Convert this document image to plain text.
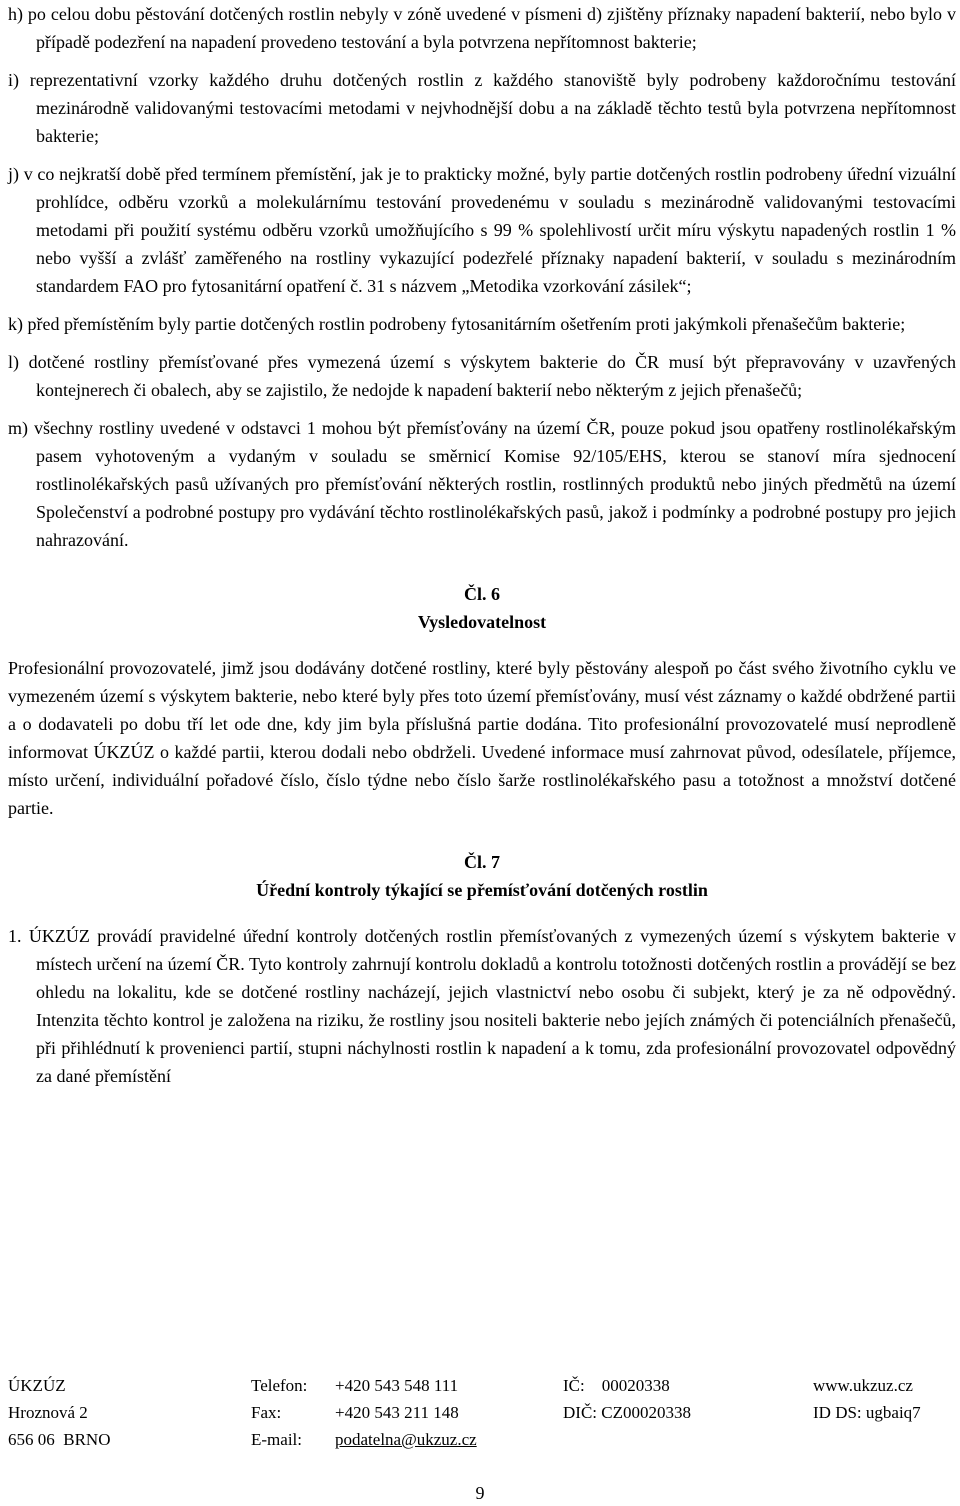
h) po celou dobu pěstování dotčených rostlin nebyly v zóně uvedené v písmeni d) zjištěny příznaky napadení bakterií, nebo bylo v případě podezření na napadení provedeno testování a byla potvrzena nepřítomnost bakterie;

i) reprezentativní vzorky každého druhu dotčených rostlin z každého stanoviště byly podrobeny každoročnímu testování mezinárodně validovanými testovacími metodami v nejvhodnější dobu a na základě těchto testů byla potvrzena nepřítomnost bakterie;

j) v co nejkratší době před termínem přemístění, jak je to prakticky možné, byly partie dotčených rostlin podrobeny úřední vizuální prohlídce, odběru vzorků a molekulárnímu testování provedenému v souladu s mezinárodně validovanými testovacími metodami při použití systému odběru vzorků umožňujícího s 99 % spolehlivostí určit míru výskytu napadených rostlin 1 % nebo vyšší a zvlášť zaměřeného na rostliny vykazující podezřelé příznaky napadení bakterií, v souladu s mezinárodním standardem FAO pro fytosanitární opatření č. 31 s názvem „Metodika vzorkování zásilek“;

k) před přemístěním byly partie dotčených rostlin podrobeny fytosanitárním ošetřením proti jakýmkoli přenašečům bakterie;

l) dotčené rostliny přemísťované přes vymezená území s výskytem bakterie do ČR musí být přepravovány v uzavřených kontejnerech či obalech, aby se zajistilo, že nedojde k napadení bakterií nebo některým z jejich přenašečů;

m) všechny rostliny uvedené v odstavci 1 mohou být přemísťovány na území ČR, pouze pokud jsou opatřeny rostlinolékařským pasem vyhotoveným a vydaným v souladu se směrnicí Komise 92/105/EHS, kterou se stanoví míra sjednocení rostlinolékařských pasů užívaných pro přemísťování některých rostlin, rostlinných produktů nebo jiných předmětů na území Společenství a podrobné postupy pro vydávání těchto rostlinolékařských pasů, jakož i podmínky a podrobné postupy pro jejich nahrazování.

Čl. 6

Vysledovatelnost

Profesionální provozovatelé, jimž jsou dodávány dotčené rostliny, které byly pěstovány alespoň po část svého životního cyklu ve vymezeném území s výskytem bakterie, nebo které byly přes toto území přemísťovány, musí vést záznamy o každé obdržené partii a o dodavateli po dobu tří let ode dne, kdy jim byla příslušná partie dodána. Tito profesionální provozovatelé musí neprodleně informovat ÚKZÚZ o každé partii, kterou dodali nebo obdrželi. Uvedené informace musí zahrnovat původ, odesílatele, příjemce, místo určení, individuální pořadové číslo, číslo týdne nebo číslo šarže rostlinolékařského pasu a totožnost a množství dotčené partie.

Čl. 7

Úřední kontroly týkající se přemísťování dotčených rostlin

1. ÚKZÚZ provádí pravidelné úřední kontroly dotčených rostlin přemísťovaných z vymezených území s výskytem bakterie v místech určení na území ČR. Tyto kontroly zahrnují kontrolu dokladů a kontrolu totožnosti dotčených rostlin a provádějí se bez ohledu na lokalitu, kde se dotčené rostliny nacházejí, jejich vlastnictví nebo osobu či subjekt, který je za ně odpovědný. Intenzita těchto kontrol je založena na riziku, že rostliny jsou nositeli bakterie nebo jejích známých či potenciálních přenašečů, při přihlédnutí k provenienci partií, stupni náchylnosti rostlin k napadení a k tomu, zda profesionální provozovatel odpovědný za dané přemístění

ÚKZÚZ	Telefon: +420 543 548 111	IČ:    00020338	www.ukzuz.cz
Hroznová 2	Fax:	+420 543 211 148	DIČ: CZ00020338	ID DS: ugbaiq7
656 06  BRNO	E-mail: podatelna@ukzuz.cz
9
